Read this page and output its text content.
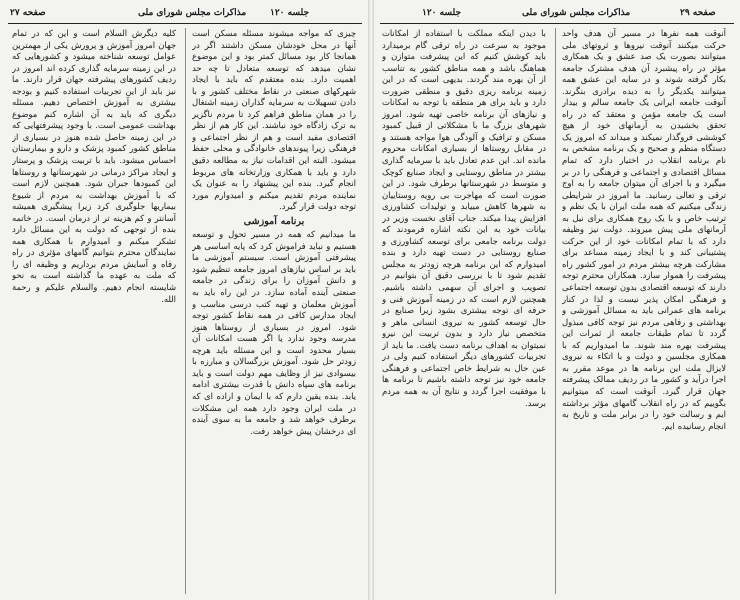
صفحه ۲۷	مذاکرات مجلس شورای ملی	جلسه ۱۲۰

کلیه دیگرش السلام است و این که در تمام جهان امروز آموزش و پرورش یکی از مهمترین عوامل توسعه شناخته میشود و کشورهایی که در این زمینه سرمایه گذاری کرده اند امروز در ردیف کشورهای پیشرفته جهان قرار دارند. ما نیز باید از این تجربیات استفاده کنیم و بودجه بیشتری به آموزش اختصاص دهیم. مسئله دیگری که باید به آن اشاره کنم موضوع بهداشت عمومی است. با وجود پیشرفتهایی که در این زمینه حاصل شده هنوز در بسیاری از مناطق کشور کمبود پزشک و دارو و بیمارستان احساس میشود. باید با تربیت پزشک و پرستار و ایجاد مراکز درمانی در شهرستانها و روستاها این کمبودها جبران شود. همچنین لازم است که با آموزش بهداشت به مردم از شیوع بیماریها جلوگیری کرد زیرا پیشگیری همیشه آسانتر و کم هزینه تر از درمان است. در خاتمه بنده از توجهی که دولت به این مسائل دارد تشکر میکنم و امیدوارم با همکاری همه نمایندگان محترم بتوانیم گامهای مؤثری در راه رفاه و آسایش مردم برداریم و وظیفه ای را که ملت به عهده ما گذاشته است به نحو شایسته انجام دهیم. والسلام علیکم و رحمة الله.

چیزی که مواجه میشوند مسئله مسکن است آنها در محل خودشان مسکن داشتند اگر در همانجا کار بود مسائل کمتر بود و این موضوع نشان میدهد که توسعه متعادل تا چه حد اهمیت دارد. بنده معتقدم که باید با ایجاد شهرکهای صنعتی در نقاط مختلف کشور و با دادن تسهیلات به سرمایه گذاران زمینه اشتغال را در همان مناطق فراهم کرد تا مردم ناگزیر به ترک زادگاه خود نباشند. این کار هم از نظر اقتصادی مفید است و هم از نظر اجتماعی و فرهنگی زیرا پیوندهای خانوادگی و محلی حفظ میشود. البته این اقدامات نیاز به مطالعه دقیق دارد و باید با همکاری وزارتخانه های مربوط انجام گیرد. بنده این پیشنهاد را به عنوان یک نماینده مردم تقدیم میکنم و امیدوارم مورد توجه دولت قرار گیرد.

برنامه آموزشی

ما میدانیم که همه در مسیر تحول و توسعه هستیم و نباید فراموش کرد که پایه اساسی هر پیشرفتی آموزش است. سیستم آموزشی ما باید بر اساس نیازهای امروز جامعه تنظیم شود و دانش آموزان را برای زندگی در جامعه صنعتی آینده آماده سازد. در این راه باید به آموزش معلمان و تهیه کتب درسی مناسب و ایجاد مدارس کافی در همه نقاط کشور توجه شود. امروز در بسیاری از روستاها هنوز مدرسه وجود ندارد یا اگر هست امکانات آن بسیار محدود است و این مسئله باید هرچه زودتر حل شود. آموزش بزرگسالان و مبارزه با بیسوادی نیز از وظایف مهم دولت است و باید برنامه های سپاه دانش با قدرت بیشتری ادامه یابد. بنده یقین دارم که با ایمان و اراده ای که در ملت ایران وجود دارد همه این مشکلات برطرف خواهد شد و جامعه ما به سوی آینده ای درخشان پیش خواهد رفت.

جلسه ۱۲۰	مذاکرات مجلس شورای ملی	صفحه ۲۹

با دیدن اینکه مملکت با استفاده از امکانات موجود به سرعت در راه ترقی گام برمیدارد باید کوشش کنیم که این پیشرفت متوازن و هماهنگ باشد و همه مناطق کشور به تناسب از آن بهره مند گردند. بدیهی است که در این زمینه برنامه ریزی دقیق و منطقی ضرورت دارد و باید برای هر منطقه با توجه به امکانات و نیازهای آن برنامه خاصی تهیه شود. امروز شهرهای بزرگ ما با مشکلاتی از قبیل کمبود مسکن و ترافیک و آلودگی هوا مواجه هستند و در مقابل روستاها از بسیاری امکانات محروم مانده اند. این عدم تعادل باید با سرمایه گذاری بیشتر در مناطق روستایی و ایجاد صنایع کوچک و متوسط در شهرستانها برطرف شود. در این صورت است که مهاجرت بی رویه روستاییان به شهرها کاهش مییابد و تولیدات کشاورزی افزایش پیدا میکند. جناب آقای نخست وزیر در بیانات خود به این نکته اشاره فرمودند که دولت برنامه جامعی برای توسعه کشاورزی و صنایع روستایی در دست تهیه دارد و بنده امیدوارم که این برنامه هرچه زودتر به مجلس تقدیم شود تا با بررسی دقیق آن بتوانیم در تصویب و اجرای آن سهمی داشته باشیم. همچنین لازم است که در زمینه آموزش فنی و حرفه ای توجه بیشتری بشود زیرا صنایع در حال توسعه کشور به نیروی انسانی ماهر و متخصص نیاز دارد و بدون تربیت این نیرو نمیتوان به اهداف برنامه دست یافت. ما باید از تجربیات کشورهای دیگر استفاده کنیم ولی در عین حال به شرایط خاص اجتماعی و فرهنگی جامعه خود نیز توجه داشته باشیم تا برنامه ها با موفقیت اجرا گردد و نتایج آن به همه مردم برسد.

آنوقت همه نفرها در مسیر آن هدف واحد حرکت میکنند آنوقت نیروها و ثروتهای ملی میتوانند بصورت یک صد عشق و یک همکاری مؤثر در راه پیشبرد آن هدف مشترک جامعه بکار گرفته شوند و در سایه این عشق همه میتوانند یکدیگر را به دیده برادری بنگرند. آنوقت جامعه ایرانی یک جامعه سالم و بیدار است یک جامعه مؤمن و معتقد که در راه تحقق بخشیدن به آرمانهای خود از هیچ کوششی فروگذار نمیکند و میداند که امروز یک دستگاه منظم و صحیح و یک برنامه مشخص به نام برنامه انقلاب در اختیار دارد که تمام مسائل اقتصادی و اجتماعی و فرهنگی را در بر میگیرد و با اجرای آن میتوان جامعه را به اوج ترقی و تعالی رسانید. ما امروز در شرایطی زندگی میکنیم که همه ملت ایران با یک نظم و ترتیب خاص و با یک روح همکاری برای نیل به آرمانهای ملی پیش میروند. دولت نیز وظیفه دارد که با تمام امکانات خود از این حرکت پشتیبانی کند و با ایجاد زمینه مساعد برای مشارکت هرچه بیشتر مردم در امور کشور راه پیشرفت را هموار سازد. همکاران محترم توجه دارند که توسعه اقتصادی بدون توسعه اجتماعی و فرهنگی امکان پذیر نیست و لذا در کنار برنامه های عمرانی باید به مسائل آموزشی و بهداشتی و رفاهی مردم نیز توجه کافی مبذول گردد تا تمام طبقات جامعه از ثمرات این پیشرفت بهره مند شوند. ما امیدواریم که با همکاری مجلسین و دولت و با اتکاء به نیروی لایزال ملت این برنامه ها در موعد مقرر به اجرا درآید و کشور ما در ردیف ممالک پیشرفته جهان قرار گیرد. آنوقت است که میتوانیم بگوییم که در راه انقلاب گامهای مؤثر برداشته ایم و رسالت خود را در برابر ملت و تاریخ به انجام رسانیده ایم.
